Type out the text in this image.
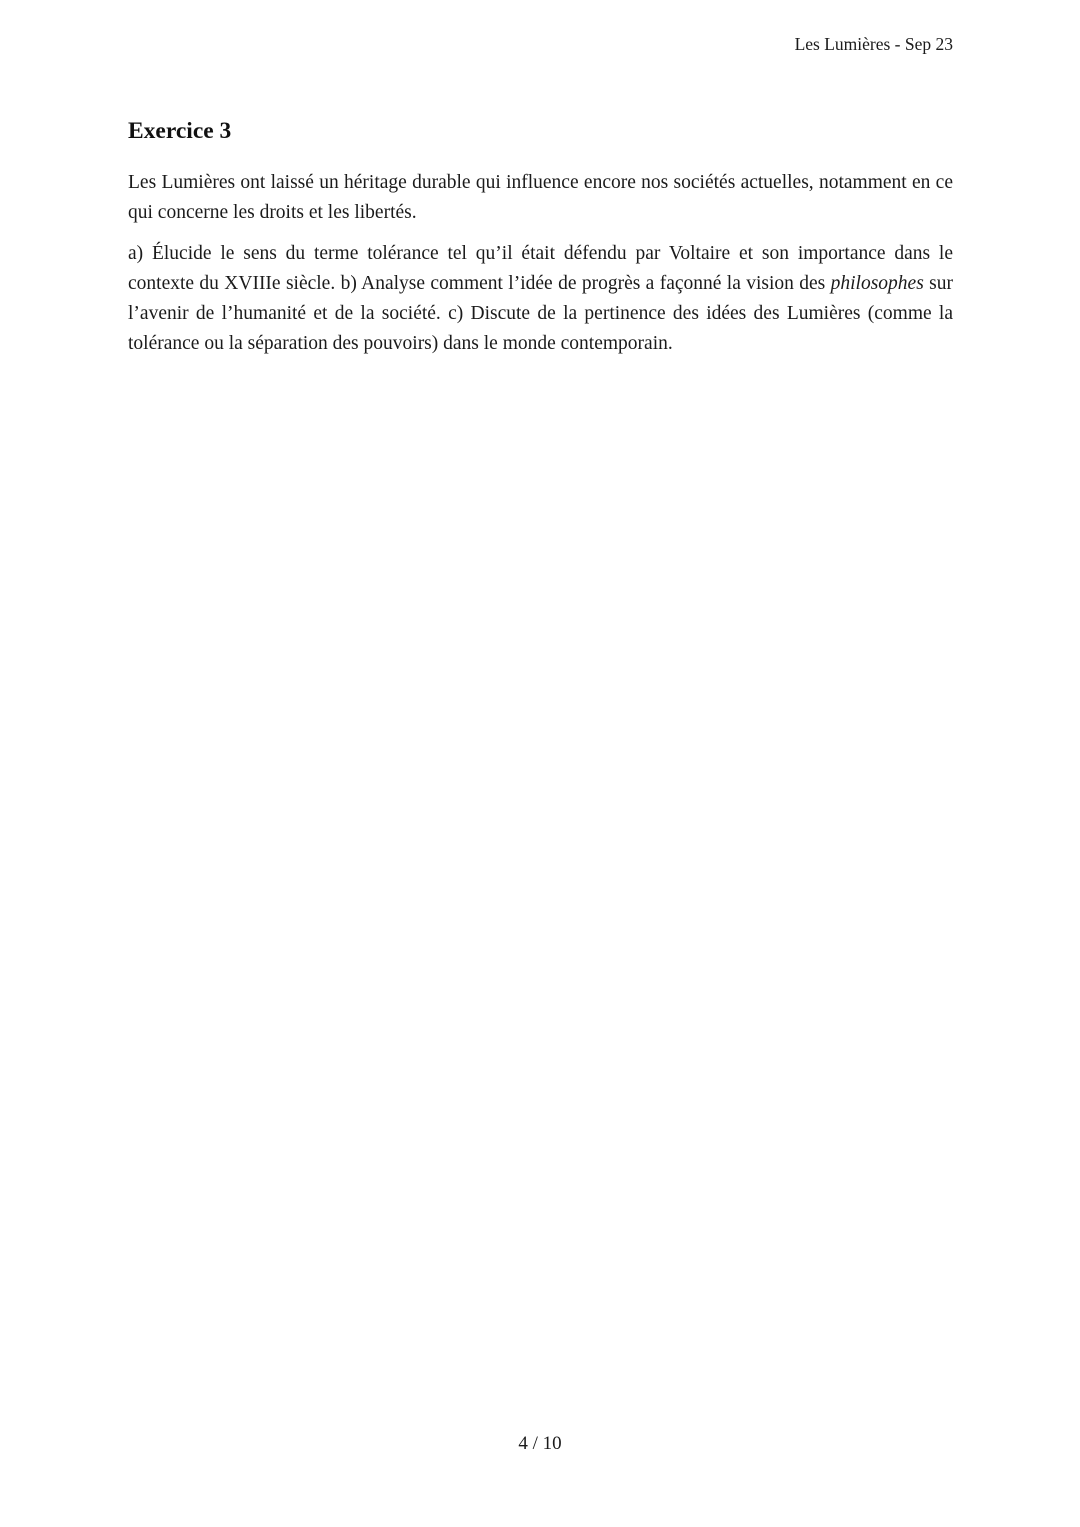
Les Lumières - Sep 23
Exercice 3

Les Lumières ont laissé un héritage durable qui influence encore nos sociétés actuelles, notamment en ce qui concerne les droits et les libertés.

a) Élucide le sens du terme tolérance tel qu’il était défendu par Voltaire et son importance dans le contexte du XVIIIe siècle. b) Analyse comment l’idée de progrès a façonné la vision des philosophes sur l’avenir de l’humanité et de la société. c) Discute de la pertinence des idées des Lumières (comme la tolérance ou la séparation des pouvoirs) dans le monde contemporain.

4 / 10
